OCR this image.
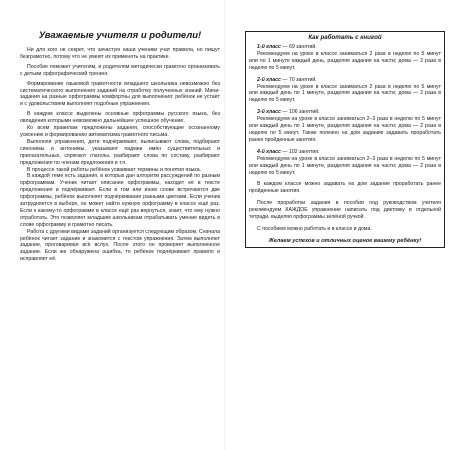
Уважаемые учителя и родители!

Ни для кого не секрет, что зачастую наши ученики учат правила, но пишут безграмотно, потому что не умеют их применять на практике.

Пособие поможет учителям, и родителям методически грамотно организовать с детьми орфографический тренинг.

Формирование языковой грамотности младшего школьника невозможно без систематического выполнения заданий на отработку полученных знаний. Мини-задания на разные орфограммы комфортны для выполнения: ребёнок не устаёт и с удовольствием выполняет подобные упражнения.

В каждом классе выделены основные орфограммы русского языка, без овладения которыми невозможно дальнейшее успешное обучение.

Ко всем правилам предложены задания, способствующие осознанному усвоению и формированию автоматизма грамотного письма.

Выполняя упражнения, дети подчёркивают, выписывают слова, подбирают синонимы и антонимы, указывают падежи имён существительных и прилагательных, спрягают глаголы, разбирают слова по составу, разбирают предложения по членам предложения и т.п.

В процессе такой работы ребёнок усваивает термины и понятия языка.

В каждой теме есть задания, в которых дан алгоритм рассуждений по разным орфограммам. Ученик читает описание орфограммы, находит её в тексте предложения и подчёркивает. Если в том или ином слове встречаются две орфограммы, ребёнок выполняет подчёркивание разными цветами. Если ученик затрудняется в выборе, он может найти нужную орфограмму в классе ещё раз. Если к какому-то орфограмме в классе ещё раз вернуться, знает, что ему нужно отработать. Это позволяет младшим школьникам отрабатывать умение видеть в слове орфограмму и грамотно писать.

Работа с другими видами заданий организуется следующим образом. Сначала ребёнок читает задание и знакомится с текстом упражнения. Затем выполняет задание, проговаривая всё вслух. После этого он проверяет выполненное задание. Если же обнаружена ошибка, то ребёнок подчёркивает правило и исправляет её.

Как работать с книгой

1-й класс — 69 занятий.

Рекомендуем на уроке в классе заниматься 2 раза в неделю по 5 минут или по 1 минуте каждый день, разделяя задания на части; дома — 2 раза в неделю по 5 минут.

2-й класс — 70 занятий.

Рекомендуем на уроке в классе заниматься 2 раза в неделю по 5 минут или каждый день по 1 минуте, разделяя задания на части; дома — 2 раза в неделю по 5 минут.

3-й класс — 106 занятий.

Рекомендуем на уроке в классе заниматься 2–3 раза в неделю по 5 минут или каждый день по 1 минуте, разделяя задания на части; дома — 2 раза в неделю по 5 минут. Также полезно на дом заданию задавать проработать ранее пройденные занятия.

4-й класс — 102 занятия.

Рекомендуем на уроке в классе заниматься 2–3 раза в неделю по 5 минут или каждый день по 1 минуте, разделяя задания на части; дома — 2 раза в неделю по 5 минут.

В каждом классе можно задавать на дом задание проработать ранее пройденные занятия.

После проработки задания в пособии под руководством учителя рекомендуем КАЖДОЕ упражнение написать под диктовку в отдельной тетради, выделяя орфограммы зелёной ручкой.

С пособием можно работать и в классе и дома.

Желаем успехов и отличных оценок вашему ребёнку!
